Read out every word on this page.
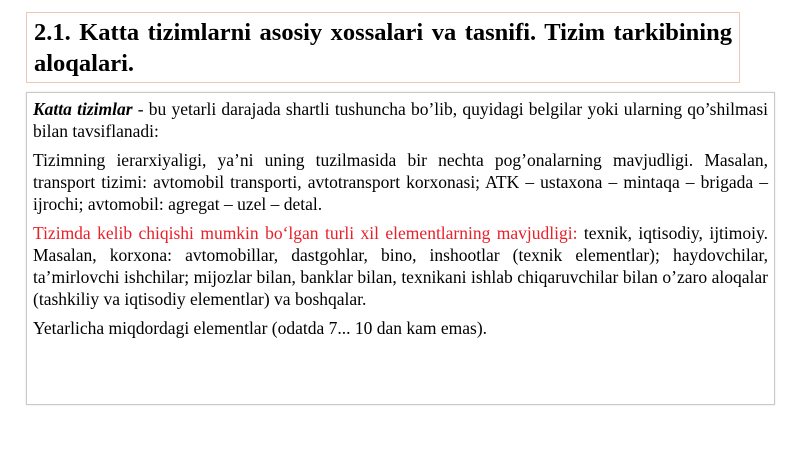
2.1. Katta tizimlarni asosiy xossalari va tasnifi. Tizim tarkibining aloqalari.

Katta tizimlar - bu yetarli darajada shartli tushuncha bo’lib, quyidagi belgilar yoki ularning qo’shilmasi bilan tavsiflanadi:

Tizimning ierarxiyaligi, ya’ni uning tuzilmasida bir nechta pog’onalarning mavjudligi. Masalan, transport tizimi: avtomobil transporti, avtotransport korxonasi; ATK – ustaxona – mintaqa – brigada – ijrochi; avtomobil: agregat – uzel – detal.

Tizimda kelib chiqishi mumkin bo‘lgan turli xil elementlarning mavjudligi: texnik, iqtisodiy, ijtimoiy. Masalan, korxona: avtomobillar, dastgohlar, bino, inshootlar (texnik elementlar); haydovchilar, ta’mirlovchi ishchilar; mijozlar bilan, banklar bilan, texnikani ishlab chiqaruvchilar bilan o’zaro aloqalar (tashkiliy va iqtisodiy elementlar) va boshqalar.

Yetarlicha miqdordagi elementlar (odatda 7... 10 dan kam emas).
